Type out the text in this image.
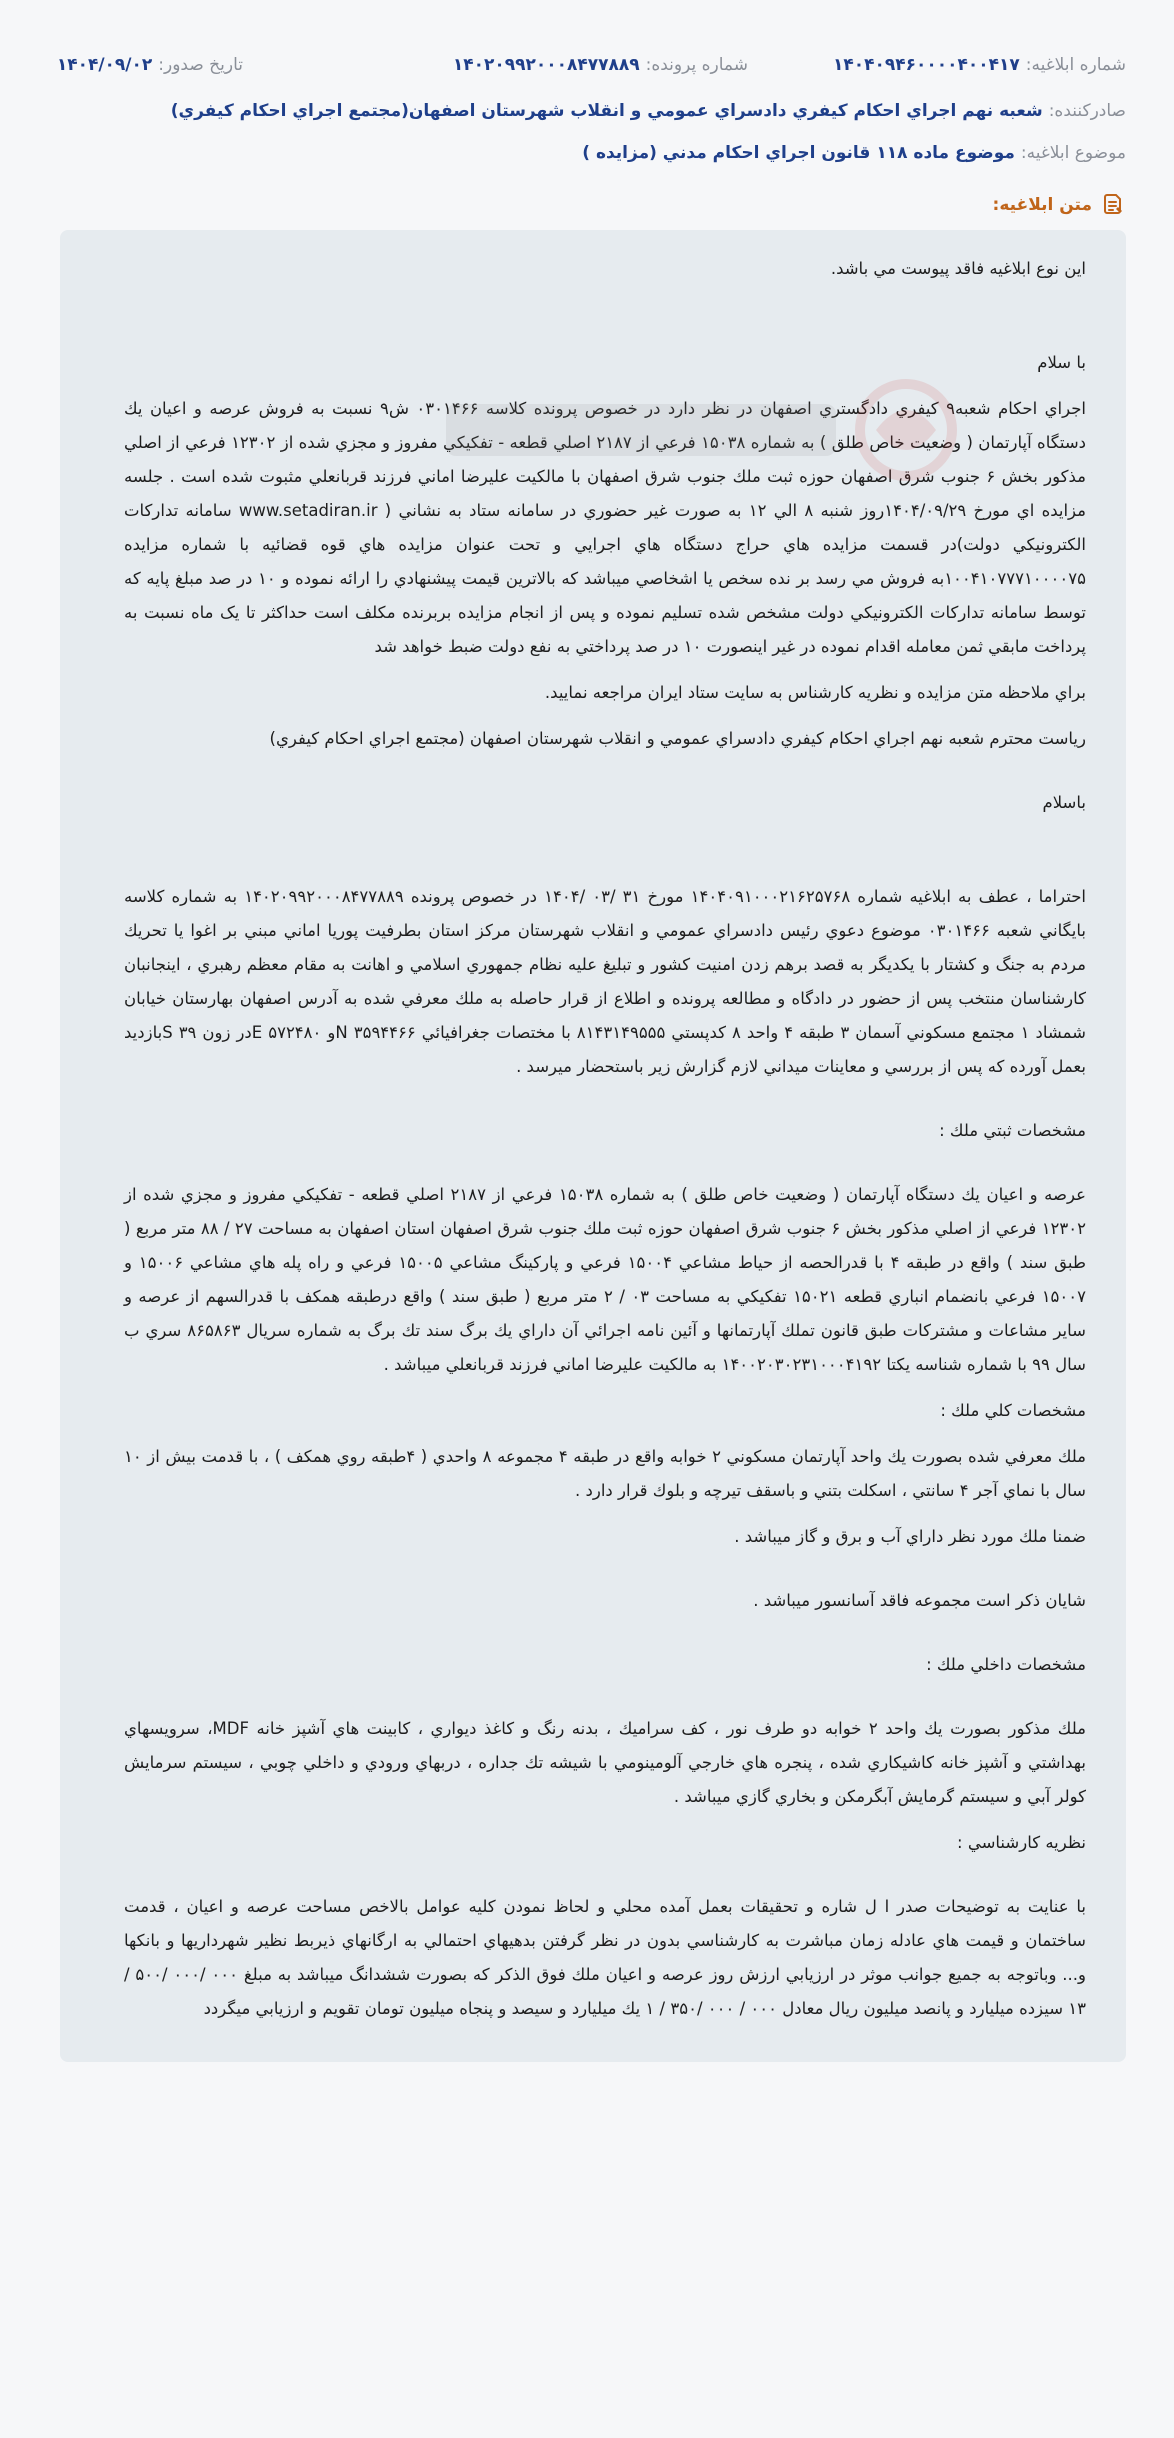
شماره ابلاغيه:
۱۴۰۴۰۹۴۶۰۰۰۰۴۰۰۴۱۷
شماره پرونده:
۱۴۰۲۰۹۹۲۰۰۰۸۴۷۷۸۸۹
تاريخ صدور:
۱۴۰۴/۰۹/۰۲
صادرکننده:
شعبه نهم اجراي احكام كيفري دادسراي عمومي و انقلاب شهرستان اصفهان(مجتمع اجراي احكام كيفري)
موضوع ابلاغيه:
موضوع ماده ۱۱۸ قانون اجراي احكام مدني (مزايده )
متن ابلاغيه:

اين نوع ابلاغيه فاقد پيوست مي باشد.

با سلام

اجراي احكام شعبه۹ كيفري دادگستري اصفهان در نظر دارد در خصوص پرونده كلاسه ۰۳۰۱۴۶۶ ش۹ نسبت به فروش عرصه و اعيان يك دستگاه آپارتمان ( وضعيت خاص طلق ) به شماره ۱۵۰۳۸ فرعي از ۲۱۸۷ اصلي قطعه - تفكيكي مفروز و مجزي شده از ۱۲۳۰۲ فرعي از اصلي مذكور بخش ۶ جنوب شرق اصفهان حوزه ثبت ملك جنوب شرق اصفهان با مالكيت عليرضا اماني فرزند قربانعلي مثبوت شده است . جلسه مزايده اي مورخ ۱۴۰۴/۰۹/۲۹روز شنبه ۸ الي ۱۲ به صورت غير حضوري در سامانه ستاد به نشاني ( www.setadiran.ir سامانه تدارکات الکترونيکي دولت)در قسمت مزايده هاي حراج دستگاه هاي اجرايي و تحت عنوان مزايده هاي قوه قضائيه با شماره مزايده ۱۰۰۴۱۰۷۷۷۱۰۰۰۰۷۵به فروش مي رسد بر نده سخص يا اشخاصي ميباشد كه بالاترين قيمت پيشنهادي را ارائه نموده و ۱۰ در صد مبلغ پايه كه توسط سامانه تدارکات الکترونيکي دولت مشخص شده تسليم نموده و پس از انجام مزايده بربرنده مكلف است حداكثر تا يک ماه نسبت به پرداخت مابقي ثمن معامله اقدام نموده در غير اينصورت ۱۰ در صد پرداختي به نفع دولت ضبط خواهد شد

براي ملاحظه متن مزايده و نظريه كارشناس به سايت ستاد ايران مراجعه نماييد.

رياست محترم شعبه نهم اجراي احكام كيفري دادسراي عمومي و انقلاب شهرستان اصفهان (مجتمع اجراي احكام كيفري)

باسلام

احتراما ، عطف به ابلاغيه شماره ۱۴۰۴۰۹۱۰۰۰۲۱۶۲۵۷۶۸ مورخ ۳۱ /۰۳ /۱۴۰۴ در خصوص پرونده ۱۴۰۲۰۹۹۲۰۰۰۸۴۷۷۸۸۹ به شماره كلاسه بايگاني شعبه ۰۳۰۱۴۶۶ موضوع دعوي رئيس دادسراي عمومي و انقلاب شهرستان مركز استان بطرفيت پوريا اماني مبني بر اغوا يا تحريك مردم به جنگ و كشتار با يكديگر به قصد برهم زدن امنيت كشور و تبليغ عليه نظام جمهوري اسلامي و اهانت به مقام معظم رهبري ، اينجانبان كارشناسان منتخب پس از حضور در دادگاه و مطالعه پرونده و اطلاع از قرار حاصله به ملك معرفي شده به آدرس اصفهان بهارستان خيابان شمشاد ۱ مجتمع مسكوني آسمان ۳ طبقه ۴ واحد ۸ كدپستي ۸۱۴۳۱۴۹۵۵۵ با مختصات جغرافيائي ۳۵۹۴۴۶۶ Nو ۵۷۲۴۸۰ Eدر زون ۳۹ Sبازديد بعمل آورده كه پس از بررسي و معاينات ميداني لازم گزارش زير باستحضار ميرسد .

مشخصات ثبتي ملك :

عرصه و اعيان يك دستگاه آپارتمان ( وضعيت خاص طلق ) به شماره ۱۵۰۳۸ فرعي از ۲۱۸۷ اصلي قطعه - تفكيكي مفروز و مجزي شده از ۱۲۳۰۲ فرعي از اصلي مذكور بخش ۶ جنوب شرق اصفهان حوزه ثبت ملك جنوب شرق اصفهان استان اصفهان به مساحت ۲۷ / ۸۸ متر مربع ( طبق سند ) واقع در طبقه ۴ با قدرالحصه از حياط مشاعي ۱۵۰۰۴ فرعي و پاركينگ مشاعي ۱۵۰۰۵ فرعي و راه پله هاي مشاعي ۱۵۰۰۶ و ۱۵۰۰۷ فرعي بانضمام انباري قطعه ۱۵۰۲۱ تفكيكي به مساحت ۰۳ / ۲ متر مربع ( طبق سند ) واقع درطبقه همكف با قدرالسهم از عرصه و ساير مشاعات و مشتركات طبق قانون تملك آپارتمانها و آئين نامه اجرائي آن داراي يك برگ سند تك برگ به شماره سريال ۸۶۵۸۶۳ سري ب سال ۹۹ با شماره شناسه يكتا ۱۴۰۰۲۰۳۰۲۳۱۰۰۰۴۱۹۲ به مالكيت عليرضا اماني فرزند قربانعلي ميباشد .

مشخصات كلي ملك :

ملك معرفي شده بصورت يك واحد آپارتمان مسكوني ۲ خوابه واقع در طبقه ۴ مجموعه ۸ واحدي ( ۴طبقه روي همكف ) ، با قدمت بيش از ۱۰ سال با نماي آجر ۴ سانتي ، اسكلت بتني و باسقف تيرچه و بلوك قرار دارد .

ضمنا ملك مورد نظر داراي آب و برق و گاز ميباشد .

شايان ذكر است مجموعه فاقد آسانسور ميباشد .

مشخصات داخلي ملك :

ملك مذكور بصورت يك واحد ۲ خوابه دو طرف نور ، كف سراميك ، بدنه رنگ و كاغذ ديواري ، كابينت هاي آشپز خانه MDF، سرويسهاي بهداشتي و آشپز خانه كاشيكاري شده ، پنجره هاي خارجي آلومينومي با شيشه تك جداره ، دربهاي ورودي و داخلي چوبي ، سيستم سرمايش كولر آبي و سيستم گرمايش آبگرمكن و بخاري گازي ميباشد .

نظريه كارشناسي :

با عنايت به توضيحات صدر ا ل شاره و تحقيقات بعمل آمده محلي و لحاظ نمودن كليه عوامل بالاخص مساحت عرصه و اعيان ، قدمت ساختمان و قيمت هاي عادله زمان مباشرت به كارشناسي بدون در نظر گرفتن بدهيهاي احتمالي به ارگانهاي ذيربط نظير شهرداريها و بانكها و... وباتوجه به جميع جوانب موثر در ارزيابي ارزش روز عرصه و اعيان ملك فوق الذكر كه بصورت ششدانگ ميباشد به مبلغ ۰۰۰ /۰۰۰ /۵۰۰ / ۱۳ سيزده ميليارد و پانصد ميليون ريال معادل ۰۰۰ / ۰۰۰ /۳۵۰ / ۱ يك ميليارد و سيصد و پنجاه ميليون تومان تقويم و ارزيابي ميگردد
